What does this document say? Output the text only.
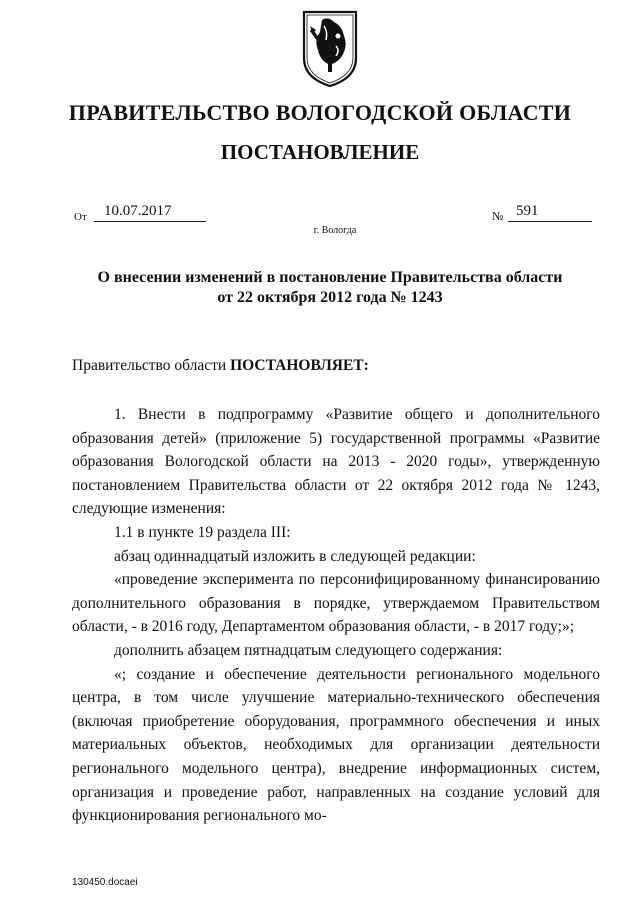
ПРАВИТЕЛЬСТВО ВОЛОГОДСКОЙ ОБЛАСТИ
ПОСТАНОВЛЕНИЕ
От	10.07.2017	№ 591
г. Вологда
О внесении изменений в постановление Правительства области
от 22 октября 2012 года № 1243
Правительство области ПОСТАНОВЛЯЕТ:

1. Внести в подпрограмму «Развитие общего и дополнительного образования детей» (приложение 5) государственной программы «Развитие образования Вологодской области на 2013 - 2020 годы», утвержденную постановлением Правительства области от 22 октября 2012 года № 1243, следующие изменения:

1.1 в пункте 19 раздела III:

абзац одиннадцатый изложить в следующей редакции:

«проведение эксперимента по персонифицированному финансированию дополнительного образования в порядке, утверждаемом Правительством области, - в 2016 году, Департаментом образования области, - в 2017 году;»;

дополнить абзацем пятнадцатым следующего содержания:

«; создание и обеспечение деятельности регионального модельного центра, в том числе улучшение материально-технического обеспечения (включая приобретение оборудования, программного обеспечения и иных материальных объектов, необходимых для организации деятельности регионального модельного центра), внедрение информационных систем, организация и проведение работ, направленных на создание условий для функционирования регионального мо-

130450.docaei
